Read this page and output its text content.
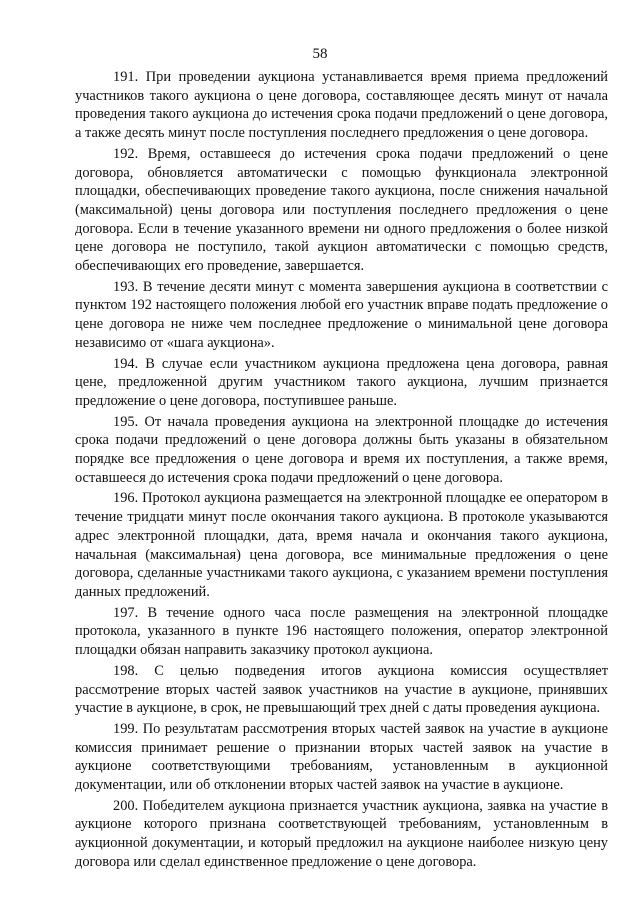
58

191. При проведении аукциона устанавливается время приема предложений участников такого аукциона о цене договора, составляющее десять минут от начала проведения такого аукциона до истечения срока подачи предложений о цене договора, а также десять минут после поступления последнего предложения о цене договора.

192. Время, оставшееся до истечения срока подачи предложений о цене договора, обновляется автоматически с помощью функционала электронной площадки, обеспечивающих проведение такого аукциона, после снижения начальной (максимальной) цены договора или поступления последнего предложения о цене договора. Если в течение указанного времени ни одного предложения о более низкой цене договора не поступило, такой аукцион автоматически с помощью средств, обеспечивающих его проведение, завершается.

193. В течение десяти минут с момента завершения аукциона в соответствии с пунктом 192 настоящего положения любой его участник вправе подать предложение о цене договора не ниже чем последнее предложение о минимальной цене договора независимо от «шага аукциона».

194. В случае если участником аукциона предложена цена договора, равная цене, предложенной другим участником такого аукциона, лучшим признается предложение о цене договора, поступившее раньше.

195. От начала проведения аукциона на электронной площадке до истечения срока подачи предложений о цене договора должны быть указаны в обязательном порядке все предложения о цене договора и время их поступления, а также время, оставшееся до истечения срока подачи предложений о цене договора.

196. Протокол аукциона размещается на электронной площадке ее оператором в течение тридцати минут после окончания такого аукциона. В протоколе указываются адрес электронной площадки, дата, время начала и окончания такого аукциона, начальная (максимальная) цена договора, все минимальные предложения о цене договора, сделанные участниками такого аукциона, с указанием времени поступления данных предложений.

197. В течение одного часа после размещения на электронной площадке протокола, указанного в пункте 196 настоящего положения, оператор электронной площадки обязан направить заказчику протокол аукциона.

198. С целью подведения итогов аукциона комиссия осуществляет рассмотрение вторых частей заявок участников на участие в аукционе, принявших участие в аукционе, в срок, не превышающий трех дней с даты проведения аукциона.

199. По результатам рассмотрения вторых частей заявок на участие в аукционе комиссия принимает решение о признании вторых частей заявок на участие в аукционе соответствующими требованиям, установленным в аукционной документации, или об отклонении вторых частей заявок на участие в аукционе.

200. Победителем аукциона признается участник аукциона, заявка на участие в аукционе которого признана соответствующей требованиям, установленным в аукционной документации, и который предложил на аукционе наиболее низкую цену договора или сделал единственное предложение о цене договора.
